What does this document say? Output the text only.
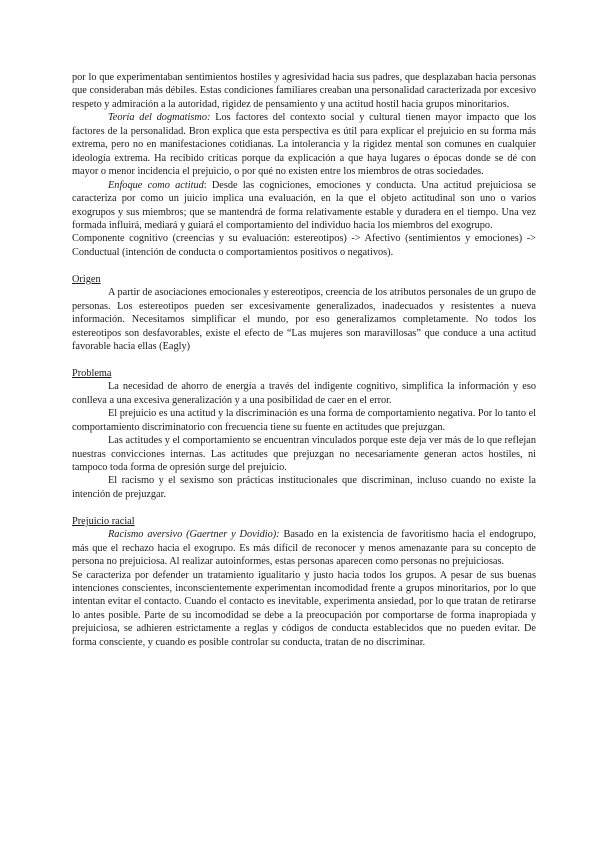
por lo que experimentaban sentimientos hostiles y agresividad hacia sus padres, que desplazaban hacia personas que consideraban más débiles. Estas condiciones familiares creaban una personalidad caracterizada por excesivo respeto y admiración a la autoridad, rigidez de pensamiento y una actitud hostil hacia grupos minoritarios.

Teoría del dogmatismo: Los factores del contexto social y cultural tienen mayor impacto que los factores de la personalidad. Bron explica que esta perspectiva es útil para explicar el prejuicio en su forma más extrema, pero no en manifestaciones cotidianas. La intolerancia y la rigidez mental son comunes en cualquier ideología extrema. Ha recibido críticas porque da explicación a que haya lugares o épocas donde se dé con mayor o menor incidencia el prejuicio, o por qué no existen entre los miembros de otras sociedades.

Enfoque como actitud: Desde las cogniciones, emociones y conducta. Una actitud prejuiciosa se caracteriza por como un juicio implica una evaluación, en la que el objeto actitudinal son uno o varios exogrupos y sus miembros; que se mantendrá de forma relativamente estable y duradera en el tiempo. Una vez formada influirá, mediará y guiará el comportamiento del individuo hacia los miembros del exogrupo.

Componente cognitivo (creencias y su evaluación: estereotipos) -> Afectivo (sentimientos y emociones) -> Conductual (intención de conducta o comportamientos positivos o negativos).

Origen

A partir de asociaciones emocionales y estereotipos, creencia de los atributos personales de un grupo de personas. Los estereotipos pueden ser excesivamente generalizados, inadecuados y resistentes a nueva información. Necesitamos simplificar el mundo, por eso generalizamos completamente. No todos los estereotipos son desfavorables, existe el efecto de “Las mujeres son maravillosas” que conduce a una actitud favorable hacia ellas (Eagly)

Problema

La necesidad de ahorro de energía a través del indigente cognitivo, simplifica la información y eso conlleva a una excesiva generalización y a una posibilidad de caer en el error.

El prejuicio es una actitud y la discriminación es una forma de comportamiento negativa. Por lo tanto el comportamiento discriminatorio con frecuencia tiene su fuente en actitudes que prejuzgan.

Las actitudes y el comportamiento se encuentran vinculados porque este deja ver más de lo que reflejan nuestras convicciones internas. Las actitudes que prejuzgan no necesariamente generan actos hostiles, ni tampoco toda forma de opresión surge del prejuicio.

El racismo y el sexismo son prácticas institucionales que discriminan, incluso cuando no existe la intención de prejuzgar.

Prejuicio racial

Racismo aversivo (Gaertner y Dovidio): Basado en la existencia de favoritismo hacia el endogrupo, más que el rechazo hacia el exogrupo. Es más difícil de reconocer y menos amenazante para su concepto de persona no prejuiciosa. Al realizar autoinformes, estas personas aparecen como personas no prejuiciosas.

Se caracteriza por defender un tratamiento igualitario y justo hacia todos los grupos. A pesar de sus buenas intenciones conscientes, inconscientemente experimentan incomodidad frente a grupos minoritarios, por lo que intentan evitar el contacto. Cuando el contacto es inevitable, experimenta ansiedad, por lo que tratan de retirarse lo antes posible. Parte de su incomodidad se debe a la preocupación por comportarse de forma inapropiada y prejuiciosa, se adhieren estrictamente a reglas y códigos de conducta establecidos que no pueden evitar. De forma consciente, y cuando es posible controlar su conducta, tratan de no discriminar.
